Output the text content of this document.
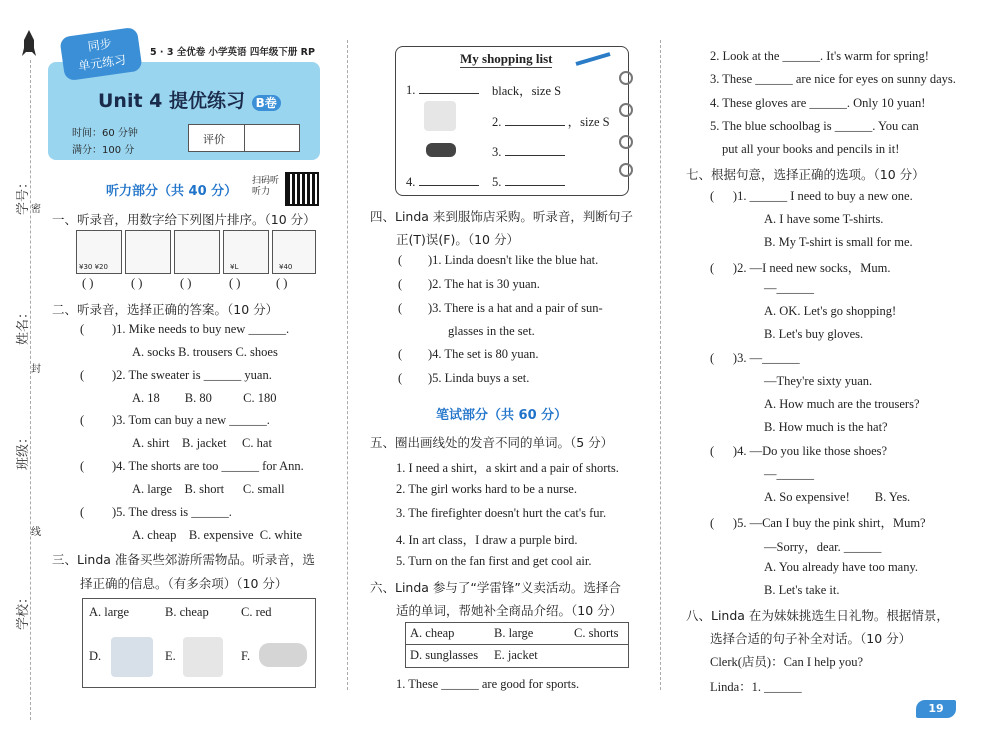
学校：
班级：
姓名：
学号： 密
封
线
同步
单元练习
5 · 3 全优卷 小学英语 四年级下册 RP
Unit 4 提优练习 B卷
时间：60 分钟
满分：100 分
评价
听力部分（共 40 分）
扫码听听力
一、听录音，用数字给下列图片排序。（10 分）
¥30 ¥20	¥L	¥40
( )	( )	( )	( )	( )
二、听录音，选择正确的答案。（10 分）
( )1. Mike needs to buy new ______.
A. socks B. trousers C. shoes
( )2. The sweater is ______ yuan.
A. 18        B. 80          C. 180
( )3. Tom can buy a new ______.
A. shirt    B. jacket     C. hat
( )4. The shorts are too ______ for Ann.
A. large    B. short      C. small
( )5. The dress is ______.
A. cheap    B. expensive  C. white
三、Linda 准备买些郊游所需物品。听录音，选
择正确的信息。（有多余项）（10 分）
A. large	B. cheap	C. red
D.	E.	F.
My shopping list
1.	black，size S
2.	，size S
3.
4.	5.
四、Linda 来到服饰店采购。听录音，判断句子
正(T)误(F)。（10 分）
( )1. Linda doesn't like the blue hat.
( )2. The hat is 30 yuan.
( )3. There is a hat and a pair of sun-
glasses in the set.
( )4. The set is 80 yuan.
( )5. Linda buys a set.
笔试部分（共 60 分）
五、圈出画线处的发音不同的单词。（5 分）
1. I need a shirt，a skirt and a pair of shorts.
2. The girl works hard to be a nurse.
3. The firefighter doesn't hurt the cat's fur.
4. In art class，I draw a purple bird.
5. Turn on the fan first and get cool air.
六、Linda 参与了“学雷锋”义卖活动。选择合
适的单词，帮她补全商品介绍。（10 分）
A. cheap	B. large	C. shorts
D. sunglasses E. jacket
1. These ______ are good for sports.
2. Look at the ______. It's warm for spring!
3. These ______ are nice for eyes on sunny days.
4. These gloves are ______. Only 10 yuan!
5. The blue schoolbag is ______. You can
put all your books and pencils in it!
七、根据句意，选择正确的选项。（10 分）
(      )1. ______ I need to buy a new one.
A. I have some T-shirts.
B. My T-shirt is small for me.
(      )2. —I need new socks，Mum.
—______
A. OK. Let's go shopping!
B. Let's buy gloves.
(      )3. —______
—They're sixty yuan.
A. How much are the trousers?
B. How much is the hat?
(      )4. —Do you like those shoes?
—______
A. So expensive!        B. Yes.
(      )5. —Can I buy the pink shirt，Mum?
—Sorry，dear. ______
A. You already have too many.
B. Let's take it.
八、Linda 在为妹妹挑选生日礼物。根据情景，
选择合适的句子补全对话。（10 分）
Clerk(店员)：Can I help you?
Linda：1. ______
19
